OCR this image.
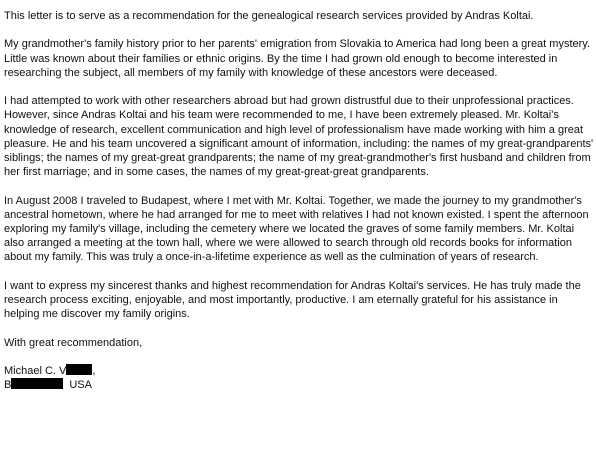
This letter is to serve as a recommendation for the genealogical research services provided by Andras Koltai.

My grandmother's family history prior to her parents' emigration from Slovakia to America had long been a great mystery. Little was known about their families or ethnic origins. By the time I had grown old enough to become interested in researching the subject, all members of my family with knowledge of these ancestors were deceased.

I had attempted to work with other researchers abroad but had grown distrustful due to their unprofessional practices. However, since Andras Koltai and his team were recommended to me, I have been extremely pleased. Mr. Koltai's knowledge of research, excellent communication and high level of professionalism have made working with him a great pleasure. He and his team uncovered a significant amount of information, including: the names of my great-grandparents' siblings; the names of my great-great grandparents; the name of my great-grandmother's first husband and children from her first marriage; and in some cases, the names of my great-great-great grandparents.

In August 2008 I traveled to Budapest, where I met with Mr. Koltai. Together, we made the journey to my grandmother's ancestral hometown, where he had arranged for me to meet with relatives I had not known existed. I spent the afternoon exploring my family's village, including the cemetery where we located the graves of some family members. Mr. Koltai also arranged a meeting at the town hall, where we were allowed to search through old records books for information about my family. This was truly a once-in-a-lifetime experience as well as the culmination of years of research.

I want to express my sincerest thanks and highest recommendation for Andras Koltai's services. He has truly made the research process exciting, enjoyable, and most importantly, productive. I am eternally grateful for his assistance in helping me discover my family origins.

With great recommendation,

Michael C. V ,

B	USA
